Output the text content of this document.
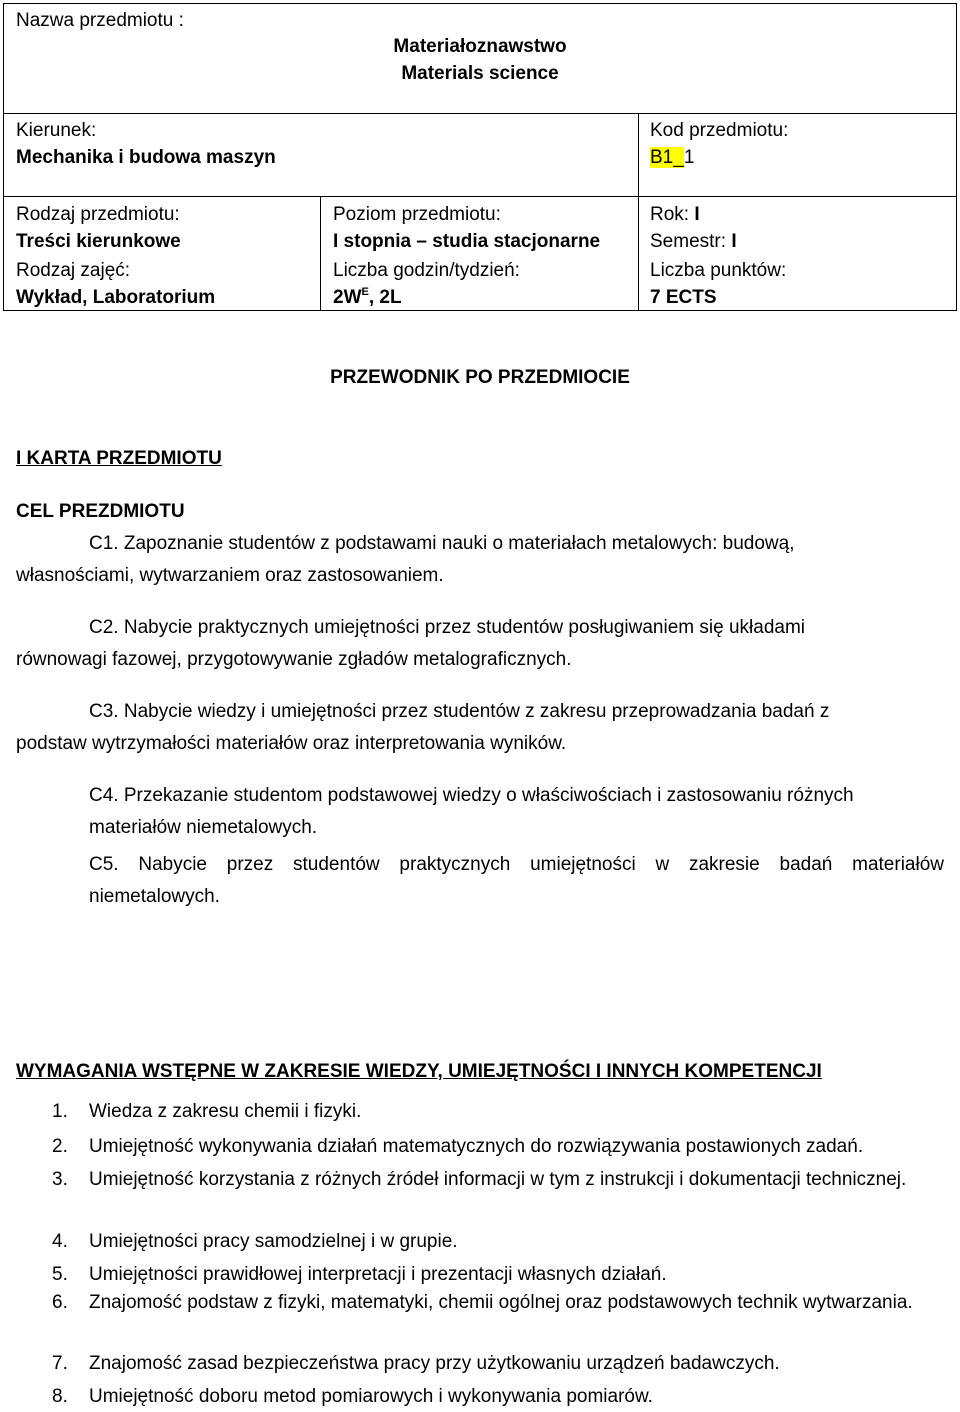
Nazwa przedmiotu :
Materiałoznawstwo
Materials science
Kierunek:
Mechanika i budowa maszyn
Kod przedmiotu:
B1_1
Rodzaj przedmiotu:
Treści kierunkowe
Rodzaj zajęć:
Wykład, Laboratorium
Poziom przedmiotu:
I stopnia – studia stacjonarne
Liczba godzin/tydzień:
$2W^E$, 2L
Rok: I
PRZEWODNIK PO PRZEDMIOCIE
I KARTA PRZEDMIOTU
CEL PREZDMIOTU
C1. Zapoznanie studentów z podstawami nauki o materiałach metalowych: budową,
własnościami, wytwarzaniem oraz zastosowaniem.
C2. Nabycie praktycznych umiejętności przez studentów posługiwaniem się układami
równowagi fazowej, przygotowywanie zgładów metalograficznych.
C3. Nabycie wiedzy i umiejętności przez studentów z zakresu przeprowadzania badań z
podstaw wytrzymałości materiałów oraz interpretowania wyników.
C4. Przekazanie studentom podstawowej wiedzy o właściwościach i zastosowaniu różnych
materiałów niemetalowych.
C5. Nabycie przez studentów praktycznych umiejętności w zakresie badań materiałów
niemetalowych.
WYMAGANIA WSTĘPNE W ZAKRESIE WIEDZY, UMIEJĘTNOŚCI I INNYCH KOMPETENCJI
1. Wiedza z zakresu chemii i fizyki.
2. Umiejętność wykonywania działań matematycznych do rozwiązywania postawionych zadań.
3. Umiejętność korzystania z różnych źródeł informacji w tym z instrukcji i dokumentacji technicznej.
4. Umiejętności pracy samodzielnej i w grupie.
5. Umiejętności prawidłowej interpretacji i prezentacji własnych działań.
6. Znajomość podstaw z fizyki, matematyki, chemii ogólnej oraz podstawowych technik wytwarzania.
7. Znajomość zasad bezpieczeństwa pracy przy użytkowaniu urządzeń badawczych.
8. Umiejętność doboru metod pomiarowych i wykonywania pomiarów.
Semestr: I
Liczba punktów:
7 ECTS
